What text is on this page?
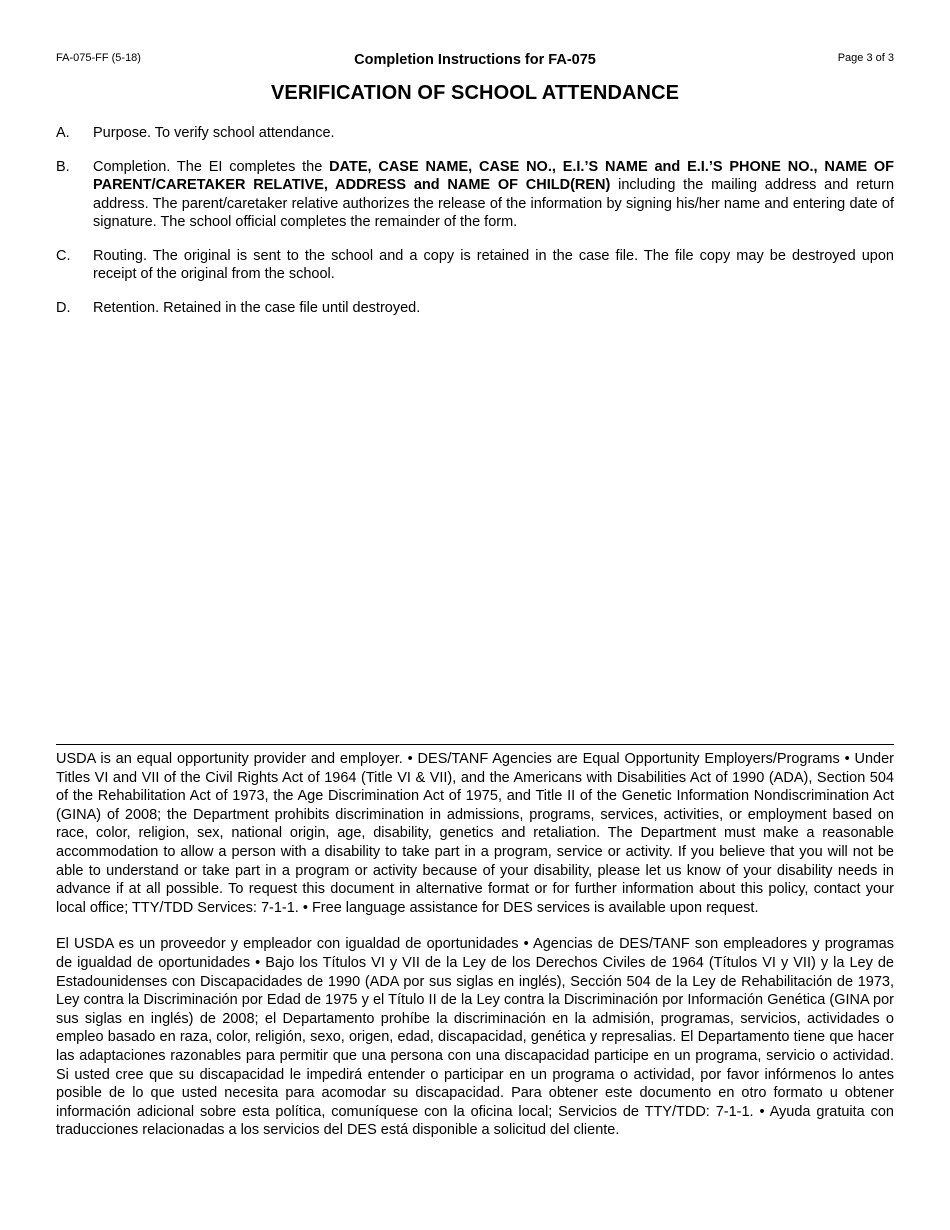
FA-075-FF (5-18)	Completion Instructions for FA-075	Page 3 of 3
VERIFICATION OF SCHOOL ATTENDANCE
A.	Purpose. To verify school attendance.
B.	Completion. The EI completes the DATE, CASE NAME, CASE NO., E.I.’S NAME and E.I.’S PHONE NO., NAME OF PARENT/CARETAKER RELATIVE, ADDRESS and NAME OF CHILD(REN) including the mailing address and return address. The parent/caretaker relative authorizes the release of the information by signing his/her name and entering date of signature. The school official completes the remainder of the form.
C.	Routing. The original is sent to the school and a copy is retained in the case file. The file copy may be destroyed upon receipt of the original from the school.
D.	Retention. Retained in the case file until destroyed.

USDA is an equal opportunity provider and employer. • DES/TANF Agencies are Equal Opportunity Employers/Programs • Under Titles VI and VII of the Civil Rights Act of 1964 (Title VI & VII), and the Americans with Disabilities Act of 1990 (ADA), Section 504 of the Rehabilitation Act of 1973, the Age Discrimination Act of 1975, and Title II of the Genetic Information Nondiscrimination Act (GINA) of 2008; the Department prohibits discrimination in admissions, programs, services, activities, or employment based on race, color, religion, sex, national origin, age, disability, genetics and retaliation. The Department must make a reasonable accommodation to allow a person with a disability to take part in a program, service or activity. If you believe that you will not be able to understand or take part in a program or activity because of your disability, please let us know of your disability needs in advance if at all possible. To request this document in alternative format or for further information about this policy, contact your local office; TTY/TDD Services: 7-1-1. • Free language assistance for DES services is available upon request.

El USDA es un proveedor y empleador con igualdad de oportunidades • Agencias de DES/TANF son empleadores y programas de igualdad de oportunidades • Bajo los Títulos VI y VII de la Ley de los Derechos Civiles de 1964 (Títulos VI y VII) y la Ley de Estadounidenses con Discapacidades de 1990 (ADA por sus siglas en inglés), Sección 504 de la Ley de Rehabilitación de 1973, Ley contra la Discriminación por Edad de 1975 y el Título II de la Ley contra la Discriminación por Información Genética (GINA por sus siglas en inglés) de 2008; el Departamento prohíbe la discriminación en la admisión, programas, servicios, actividades o empleo basado en raza, color, religión, sexo, origen, edad, discapacidad, genética y represalias. El Departamento tiene que hacer las adaptaciones razonables para permitir que una persona con una discapacidad participe en un programa, servicio o actividad. Si usted cree que su discapacidad le impedirá entender o participar en un programa o actividad, por favor infórmenos lo antes posible de lo que usted necesita para acomodar su discapacidad. Para obtener este documento en otro formato u obtener información adicional sobre esta política, comuníquese con la oficina local; Servicios de TTY/TDD: 7-1-1. • Ayuda gratuita con traducciones relacionadas a los servicios del DES está disponible a solicitud del cliente.
